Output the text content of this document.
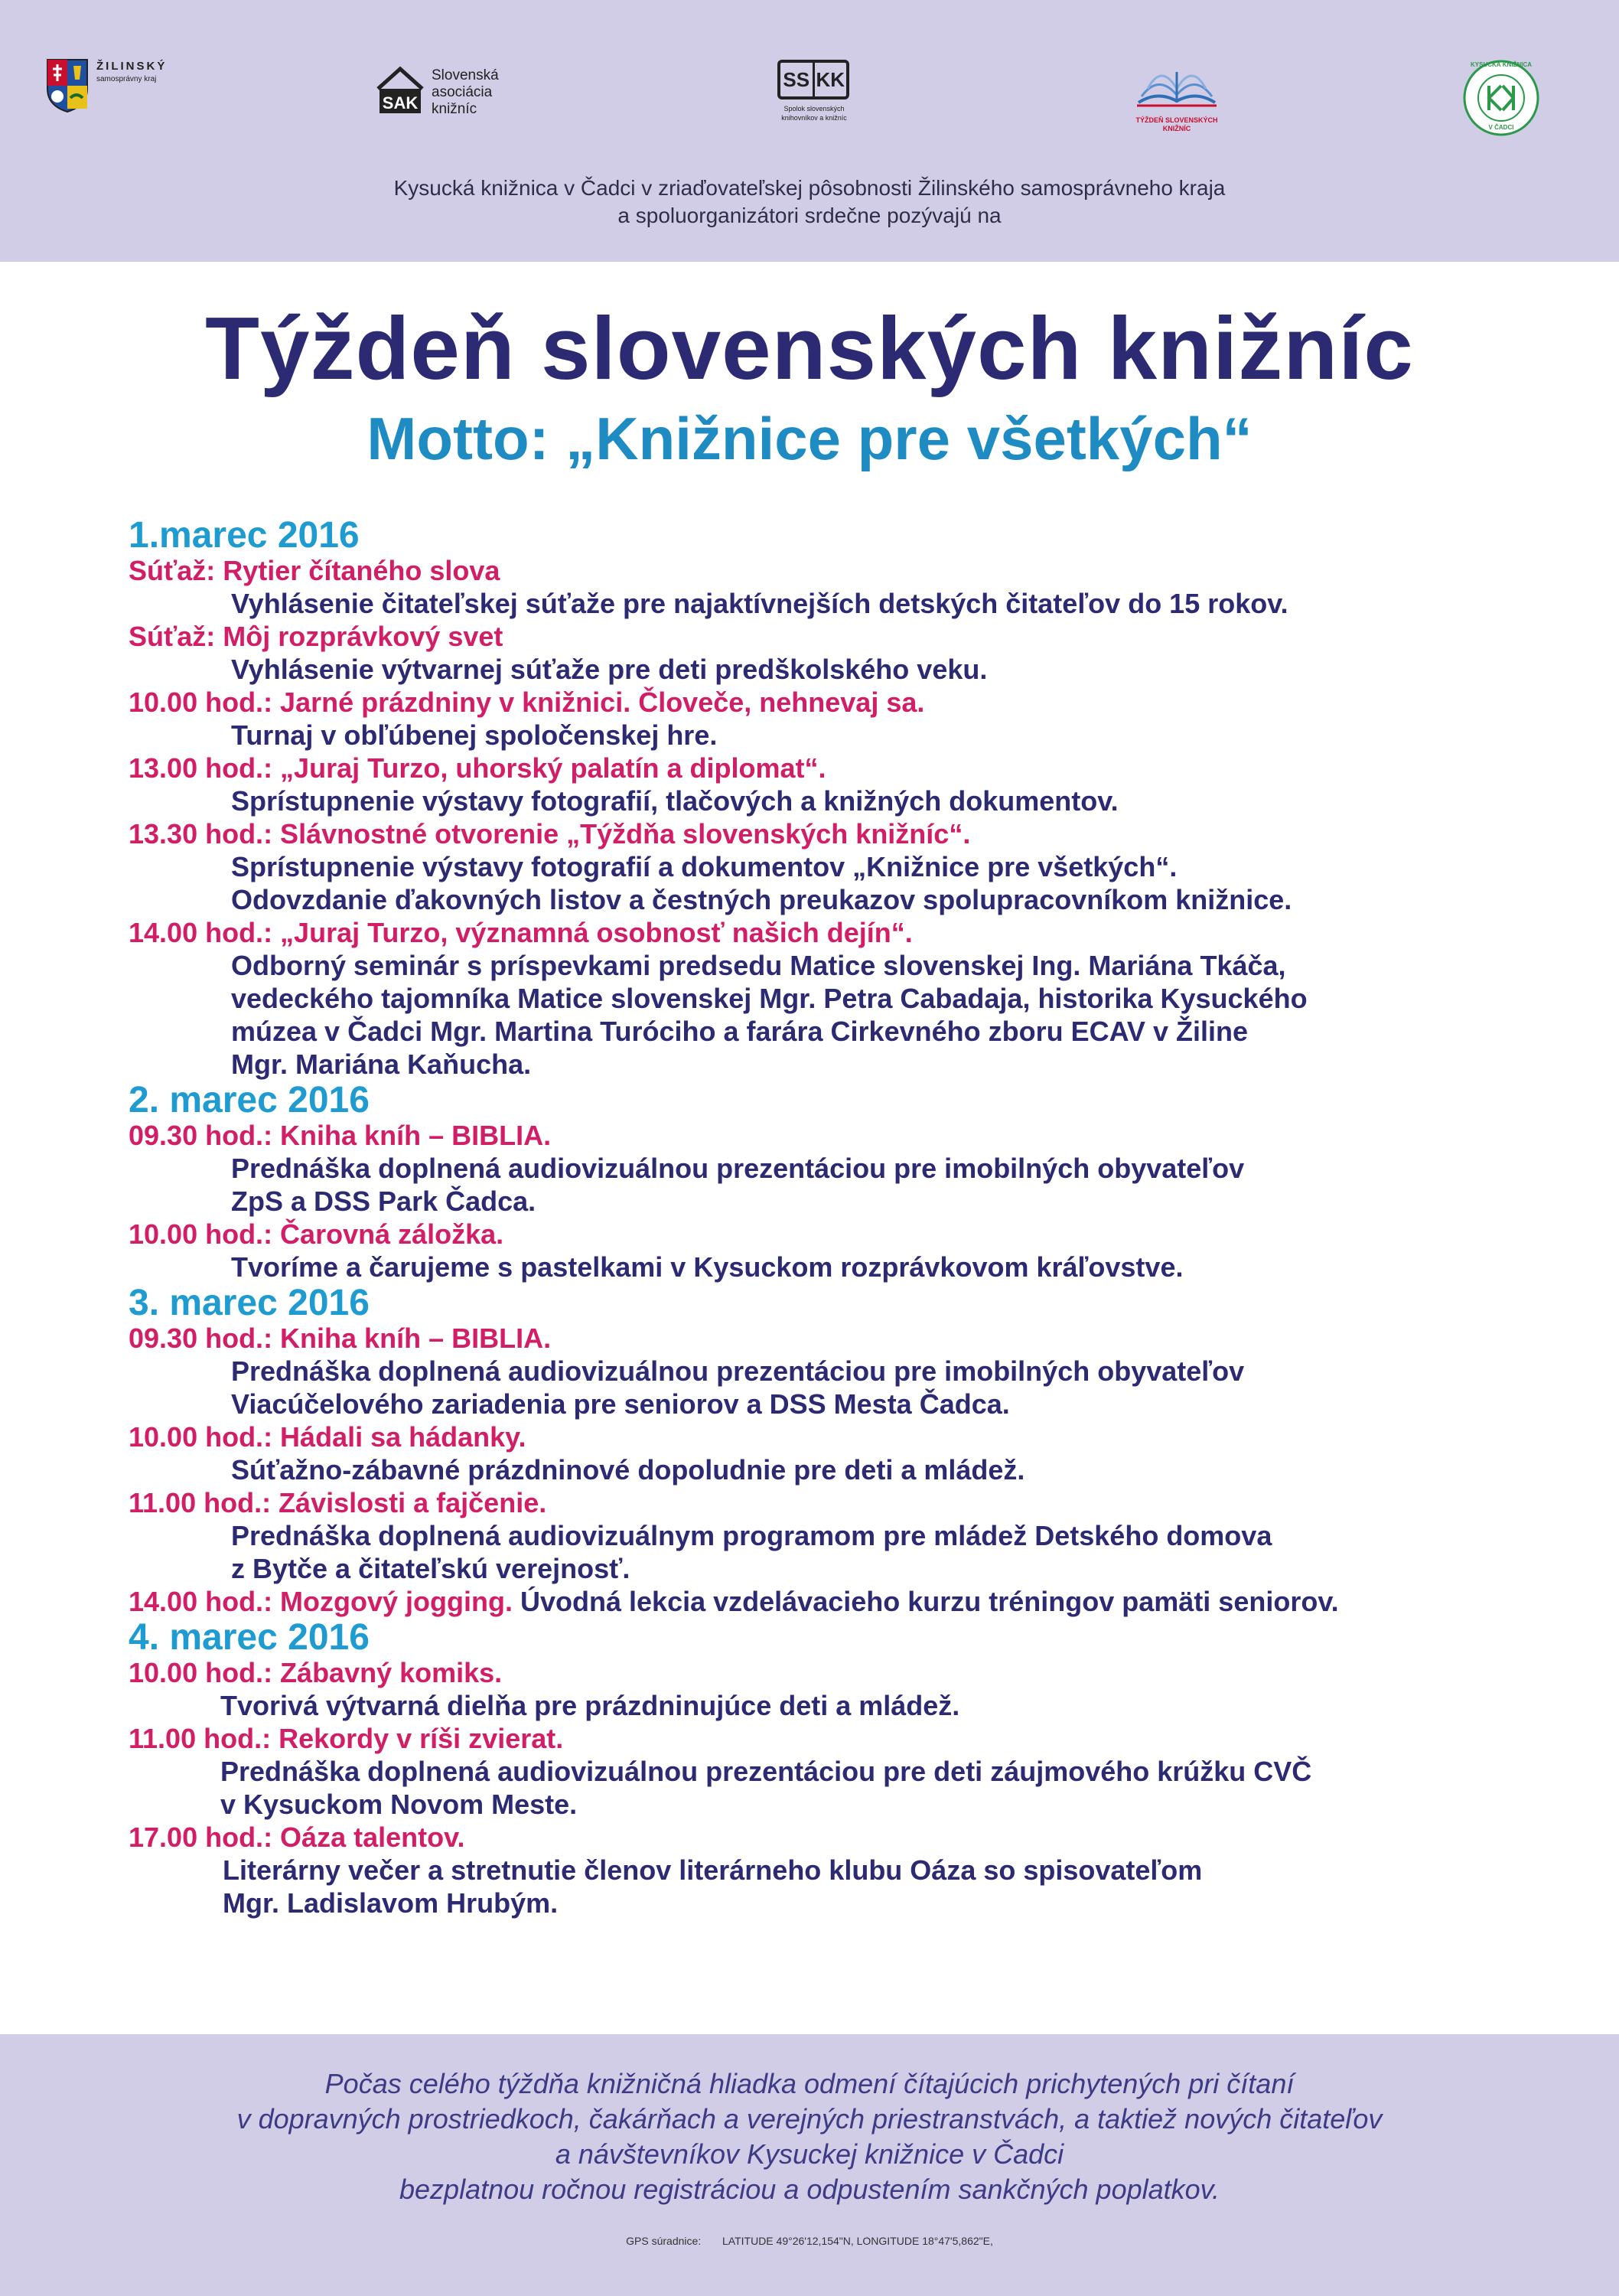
ŽILINSKÝ
samosprávny kraj
SAK
Slovenská
asociácia
knižníc
SS KK
Spolok slovenských
knihovníkov a knižníc	TÝŽDEŇ SLOVENSKÝCH
KNIŽNÍC
KYSUCKÁ KNIŽNICA
V ČADCI
Kysucká knižnica v Čadci v zriaďovateľskej pôsobnosti Žilinského samosprávneho kraja
a spoluorganizátori srdečne pozývajú na
Týždeň slovenských knižníc
Motto: „Knižnice pre všetkých“
1.marec 2016
Súťaž: Rytier čítaného slova
Vyhlásenie čitateľskej súťaže pre najaktívnejších detských čitateľov do 15 rokov.
Súťaž: Môj rozprávkový svet
Vyhlásenie výtvarnej súťaže pre deti predškolského veku.
10.00 hod.: Jarné prázdniny v knižnici. Človeče, nehnevaj sa.
Turnaj v obľúbenej spoločenskej hre.
13.00 hod.: „Juraj Turzo, uhorský palatín a diplomat“.
Sprístupnenie výstavy fotografií, tlačových a knižných dokumentov.
13.30 hod.: Slávnostné otvorenie „Týždňa slovenských knižníc“.
Sprístupnenie výstavy fotografií a dokumentov „Knižnice pre všetkých“.
Odovzdanie ďakovných listov a čestných preukazov spolupracovníkom knižnice.
14.00 hod.: „Juraj Turzo, významná osobnosť našich dejín“.
Odborný seminár s príspevkami predsedu Matice slovenskej Ing. Mariána Tkáča,
vedeckého tajomníka Matice slovenskej Mgr. Petra Cabadaja, historika Kysuckého
múzea v Čadci Mgr. Martina Turóciho a farára Cirkevného zboru ECAV v Žiline
Mgr. Mariána Kaňucha.
2. marec 2016
09.30 hod.: Kniha kníh – BIBLIA.
Prednáška doplnená audiovizuálnou prezentáciou pre imobilných obyvateľov
ZpS a DSS Park Čadca.
10.00 hod.: Čarovná záložka.
Tvoríme a čarujeme s pastelkami v Kysuckom rozprávkovom kráľovstve.
3. marec 2016
09.30 hod.: Kniha kníh – BIBLIA.
Prednáška doplnená audiovizuálnou prezentáciou pre imobilných obyvateľov
Viacúčelového zariadenia pre seniorov a DSS Mesta Čadca.
10.00 hod.: Hádali sa hádanky.
Súťažno-zábavné prázdninové dopoludnie pre deti a mládež.
11.00 hod.: Závislosti a fajčenie.
Prednáška doplnená audiovizuálnym programom pre mládež Detského domova
z Bytče a čitateľskú verejnosť.
14.00 hod.: Mozgový jogging. Úvodná lekcia vzdelávacieho kurzu tréningov pamäti seniorov.
4. marec 2016
10.00 hod.: Zábavný komiks.
Tvorivá výtvarná dielňa pre prázdninujúce deti a mládež.
11.00 hod.: Rekordy v ríši zvierat.
Prednáška doplnená audiovizuálnou prezentáciou pre deti záujmového krúžku CVČ
v Kysuckom Novom Meste.
17.00 hod.: Oáza talentov.
Literárny večer a stretnutie členov literárneho klubu Oáza so spisovateľom
Mgr. Ladislavom Hrubým.
Počas celého týždňa knižničná hliadka odmení čítajúcich prichytených pri čítaní
v dopravných prostriedkoch, čakárňach a verejných priestranstvách, a taktiež nových čitateľov
a návštevníkov Kysuckej knižnice v Čadci
bezplatnou ročnou registráciou a odpustením sankčných poplatkov.
GPS súradnice: LATITUDE 49°26'12,154"N, LONGITUDE 18°47'5,862"E,
